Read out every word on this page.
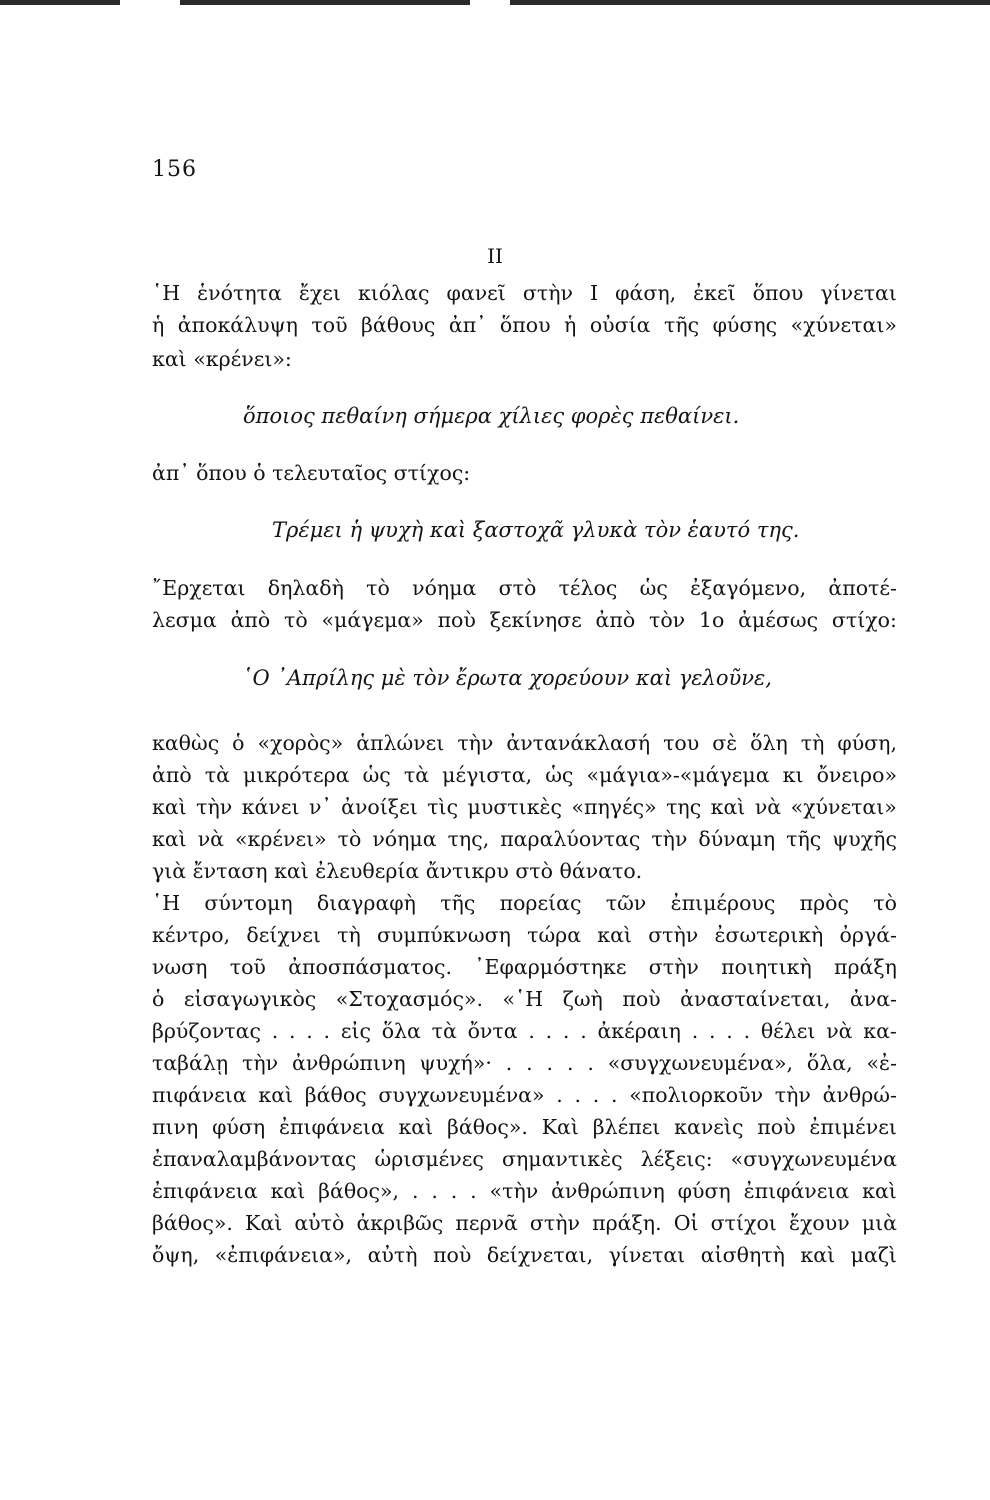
156
II
῾Η ἑνότητα ἔχει κιόλας φανεῖ στὴν I φάση, ἐκεῖ ὅπου γίνεται
ἡ ἀποκάλυψη τοῦ βάθους ἀπ᾽ ὅπου ἡ οὐσία τῆς φύσης «χύνεται»
καὶ «κρένει»:
ὅποιος πεθαίνη σήμερα χίλιες φορὲς πεθαίνει.
ἀπ᾽ ὅπου ὁ τελευταῖος στίχος:
Τρέμει ἡ ψυχὴ καὶ ξαστοχᾶ γλυκὰ τὸν ἑαυτό της.
῎Ερχεται δηλαδὴ τὸ νόημα στὸ τέλος ὡς ἐξαγόμενο, ἀποτέ-
λεσμα ἀπὸ τὸ «μάγεμα» ποὺ ξεκίνησε ἀπὸ τὸν 1ο ἀμέσως στίχο:
῾Ο ᾽Απρίλης μὲ τὸν ἔρωτα χορεύουν καὶ γελοῦνε,
καθὼς ὁ «χορὸς» ἁπλώνει τὴν ἀντανάκλασή του σὲ ὅλη τὴ φύση,
ἀπὸ τὰ μικρότερα ὡς τὰ μέγιστα, ὡς «μάγια»-«μάγεμα κι ὄνειρο»
καὶ τὴν κάνει ν᾽ ἀνοίξει τὶς μυστικὲς «πηγές» της καὶ νὰ «χύνεται»
καὶ νὰ «κρένει» τὸ νόημα της, παραλύοντας τὴν δύναμη τῆς ψυχῆς
γιὰ ἔνταση καὶ ἐλευθερία ἄντικρυ στὸ θάνατο.
῾Η σύντομη διαγραφὴ τῆς πορείας τῶν ἐπιμέρους πρὸς τὸ
κέντρο, δείχνει τὴ συμπύκνωση τώρα καὶ στὴν ἐσωτερικὴ ὀργά-
νωση τοῦ ἀποσπάσματος. ᾽Εφαρμόστηκε στὴν ποιητικὴ πράξη
ὁ εἰσαγωγικὸς «Στοχασμός». «῾Η ζωὴ ποὺ ἀνασταίνεται, ἀνα-
βρύζοντας . . . . εἰς ὅλα τὰ ὄντα . . . . ἀκέραιη . . . . θέλει νὰ κα-
ταβάλῃ τὴν ἀνθρώπινη ψυχή»· . . . . . «συγχωνευμένα», ὅλα, «ἐ-
πιφάνεια καὶ βάθος συγχωνευμένα» . . . . «πολιορκοῦν τὴν ἀνθρώ-
πινη φύση ἐπιφάνεια καὶ βάθος». Καὶ βλέπει κανεὶς ποὺ ἐπιμένει
ἐπαναλαμβάνοντας ὡρισμένες σημαντικὲς λέξεις: «συγχωνευμένα
ἐπιφάνεια καὶ βάθος», . . . . «τὴν ἀνθρώπινη φύση ἐπιφάνεια καὶ
βάθος». Καὶ αὐτὸ ἀκριβῶς περνᾶ στὴν πράξη. Οἱ στίχοι ἔχουν μιὰ
ὄψη, «ἐπιφάνεια», αὐτὴ ποὺ δείχνεται, γίνεται αἰσθητὴ καὶ μαζὶ
